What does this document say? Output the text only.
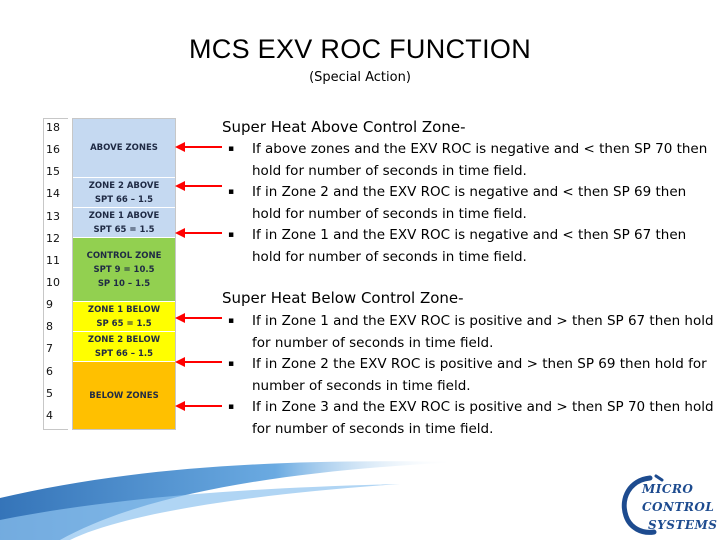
MCS EXV ROC FUNCTION
(Special Action)
18
16
15
14
13
12
11
10
9
8
7
6
5
4
ABOVE ZONES
ZONE 2 ABOVE
SPT 66 – 1.5
ZONE 1 ABOVE
SPT 65 = 1.5
CONTROL ZONE
SPT 9 = 10.5
SP 10 – 1.5
ZONE 1 BELOW
SP 65 = 1.5
ZONE 2 BELOW
SPT 66 – 1.5
BELOW ZONES
Super Heat Above Control Zone-
▪ If above zones and the EXV ROC is negative and < then SP 70 then hold for number of seconds in time field.
▪ If in Zone 2 and the EXV ROC is negative and < then SP 69 then hold for number of seconds in time field.
▪ If in Zone 1 and the EXV ROC is negative and < then SP 67 then hold for number of seconds in time field.
Super Heat Below Control Zone-
▪ If in Zone 1 and the EXV ROC is positive and > then SP 67 then hold for number of seconds in time field.
▪ If in Zone 2 the EXV ROC is positive and > then SP 69 then hold for number of seconds in time field.
▪ If in Zone 3 and the EXV ROC is positive and > then SP 70 then hold for number of seconds in time field.
MICRO
CONTROL
SYSTEMS
